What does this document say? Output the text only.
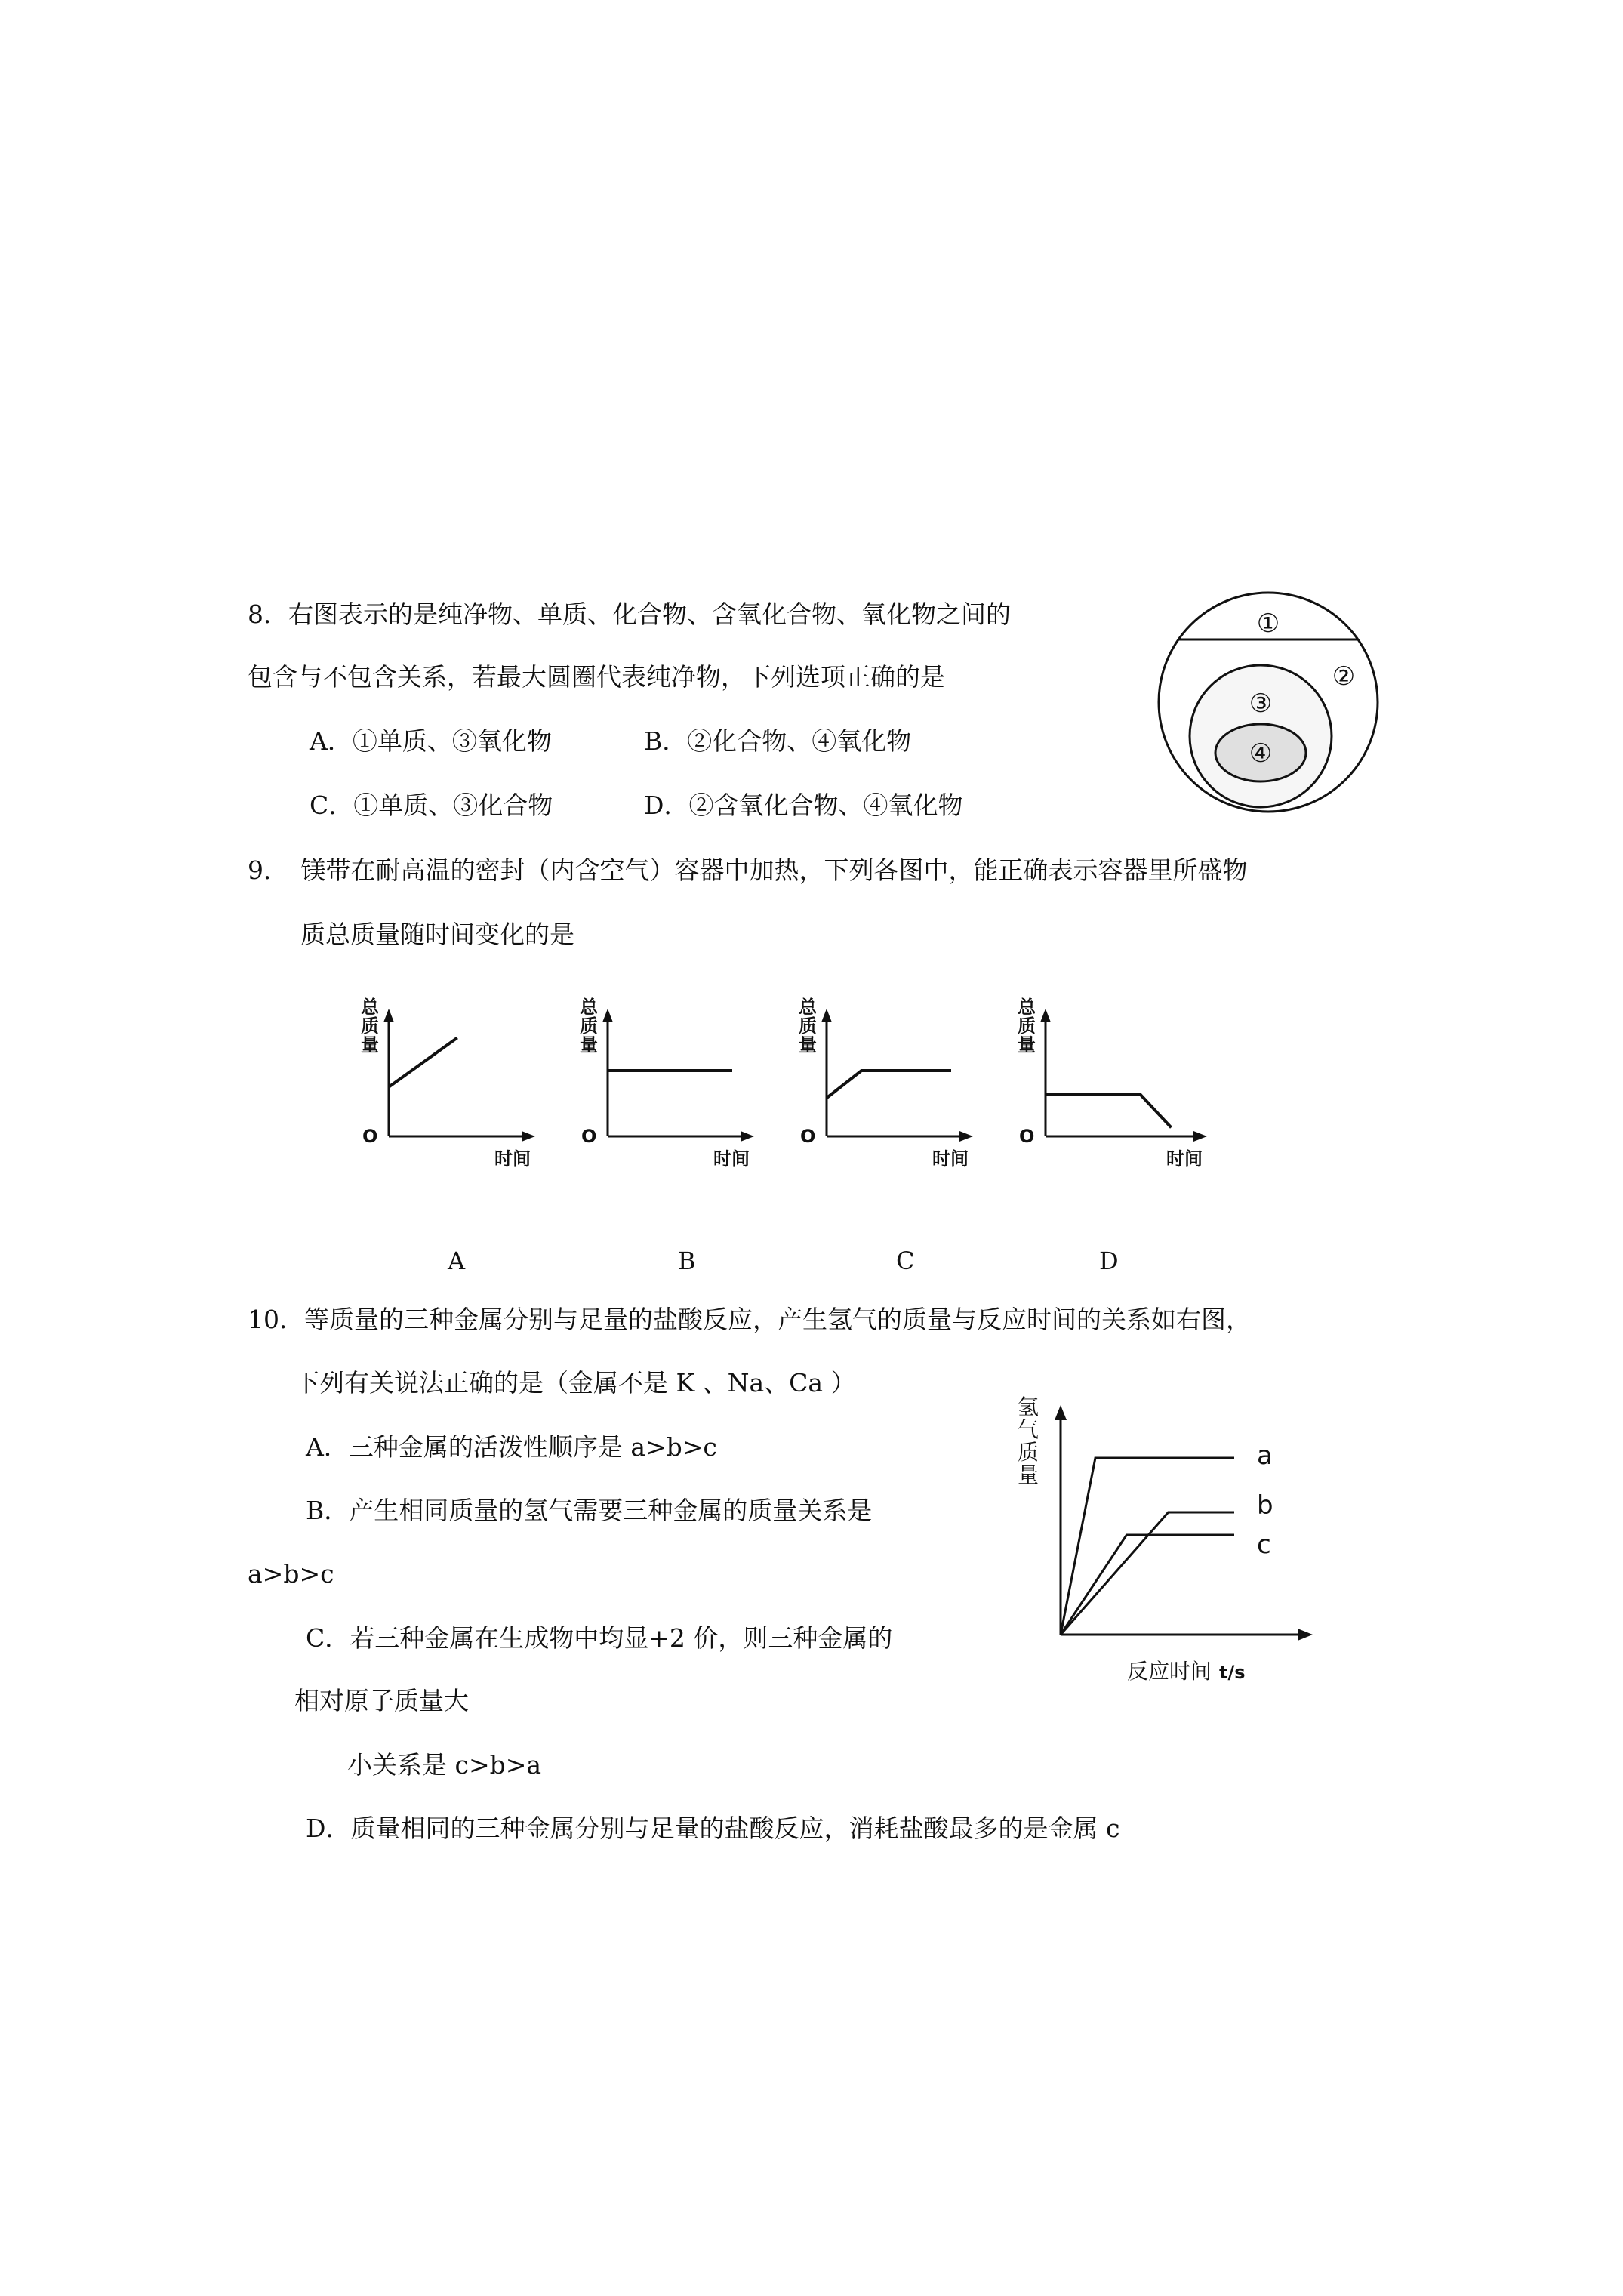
8．右图表示的是纯净物、单质、化合物、含氧化合物、氧化物之间的
包含与不包含关系，若最大圆圈代表纯净物，下列选项正确的是
A．①单质、③氧化物	B．②化合物、④氧化物
C．①单质、③化合物	D．②含氧化合物、④氧化物
①
②
③
④
9．　镁带在耐高温的密封（内含空气）容器中加热，下列各图中，能正确表示容器里所盛物
质总质量随时间变化的是
总
质
量
O
时间
总
质
量
O
时间
总
质
量
O
时间
总
质
量
O
时间
A	B	C	D
10．等质量的三种金属分别与足量的盐酸反应，产生氢气的质量与反应时间的关系如右图，
下列有关说法正确的是（金属不是 K 、Na、Ca ）
A．三种金属的活泼性顺序是 a>b>c
B．产生相同质量的氢气需要三种金属的质量关系是
a>b>c
C．若三种金属在生成物中均显+2 价，则三种金属的
相对原子质量大
小关系是 c>b>a
D．质量相同的三种金属分别与足量的盐酸反应，消耗盐酸最多的是金属 c
氢
气
质
量
反应时间 t/s
a
b
c
